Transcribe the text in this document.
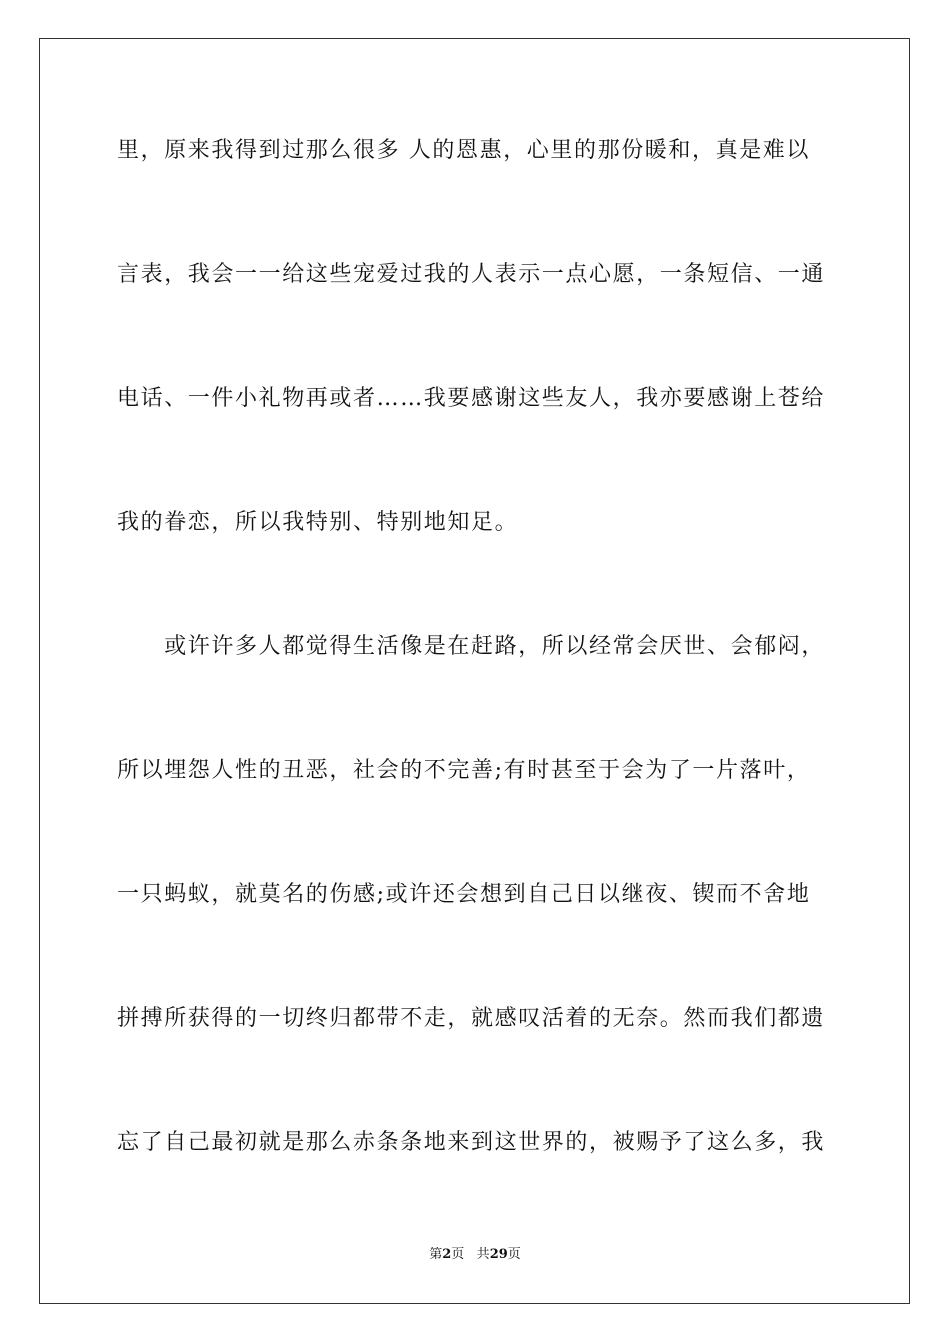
里，原来我得到过那么很多 人的恩惠，心里的那份暖和，真是难以
言表，我会一一给这些宠爱过我的人表示一点心愿，一条短信、一通
电话、一件小礼物再或者……我要感谢这些友人，我亦要感谢上苍给
我的眷恋，所以我特别、特别地知足。
　　或许许多人都觉得生活像是在赶路，所以经常会厌世、会郁闷，
所以埋怨人性的丑恶，社会的不完善;有时甚至于会为了一片落叶，
一只蚂蚁，就莫名的伤感;或许还会想到自己日以继夜、锲而不舍地
拼搏所获得的一切终归都带不走，就感叹活着的无奈。然而我们都遗
忘了自己最初就是那么赤条条地来到这世界的，被赐予了这么多，我
第2页 共29页
